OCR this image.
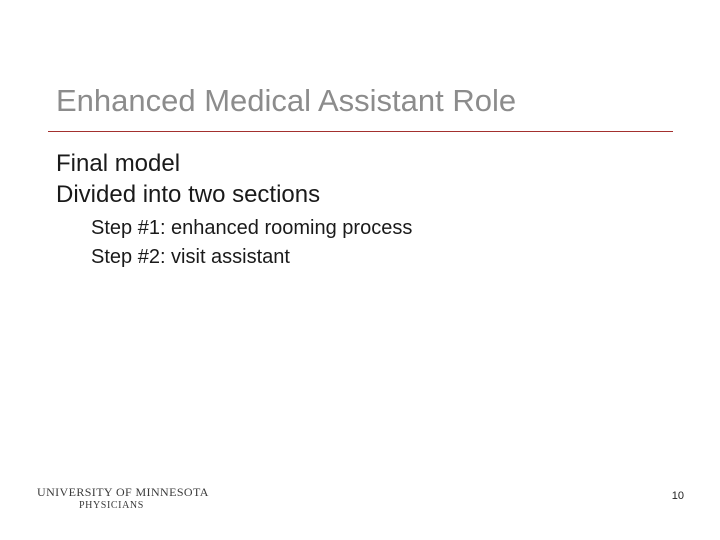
Enhanced Medical Assistant Role
Final model
Divided into two sections
Step #1: enhanced rooming process
Step #2: visit assistant
UNIVERSITY OF MINNESOTA
PHYSICIANS
10
